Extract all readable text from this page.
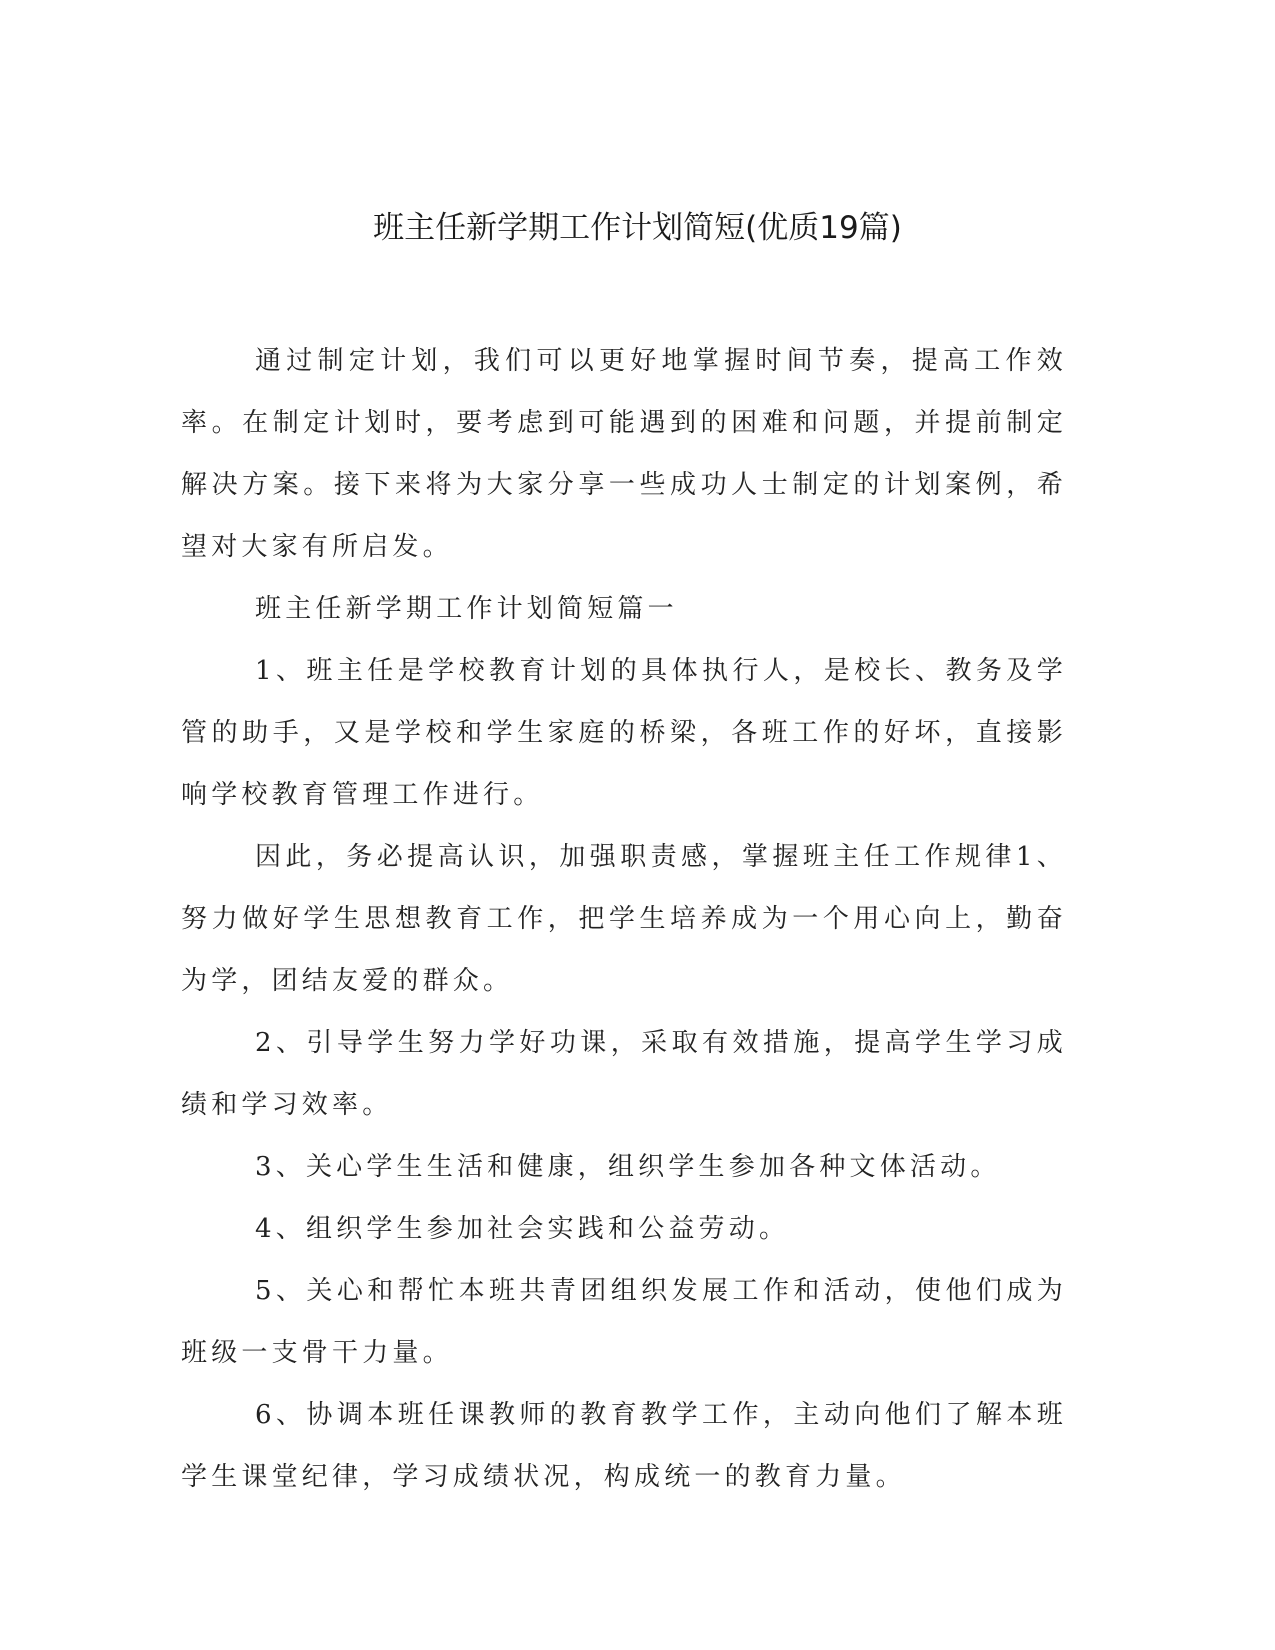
班主任新学期工作计划简短(优质19篇)

通过制定计划，我们可以更好地掌握时间节奏，提高工作效率。在制定计划时，要考虑到可能遇到的困难和问题，并提前制定解决方案。接下来将为大家分享一些成功人士制定的计划案例，希望对大家有所启发。

班主任新学期工作计划简短篇一

1、班主任是学校教育计划的具体执行人，是校长、教务及学管的助手，又是学校和学生家庭的桥梁，各班工作的好坏，直接影响学校教育管理工作进行。

因此，务必提高认识，加强职责感，掌握班主任工作规律1、努力做好学生思想教育工作，把学生培养成为一个用心向上，勤奋为学，团结友爱的群众。

2、引导学生努力学好功课，采取有效措施，提高学生学习成绩和学习效率。

3、关心学生生活和健康，组织学生参加各种文体活动。

4、组织学生参加社会实践和公益劳动。

5、关心和帮忙本班共青团组织发展工作和活动，使他们成为班级一支骨干力量。

6、协调本班任课教师的教育教学工作，主动向他们了解本班学生课堂纪律，学习成绩状况，构成统一的教育力量。
